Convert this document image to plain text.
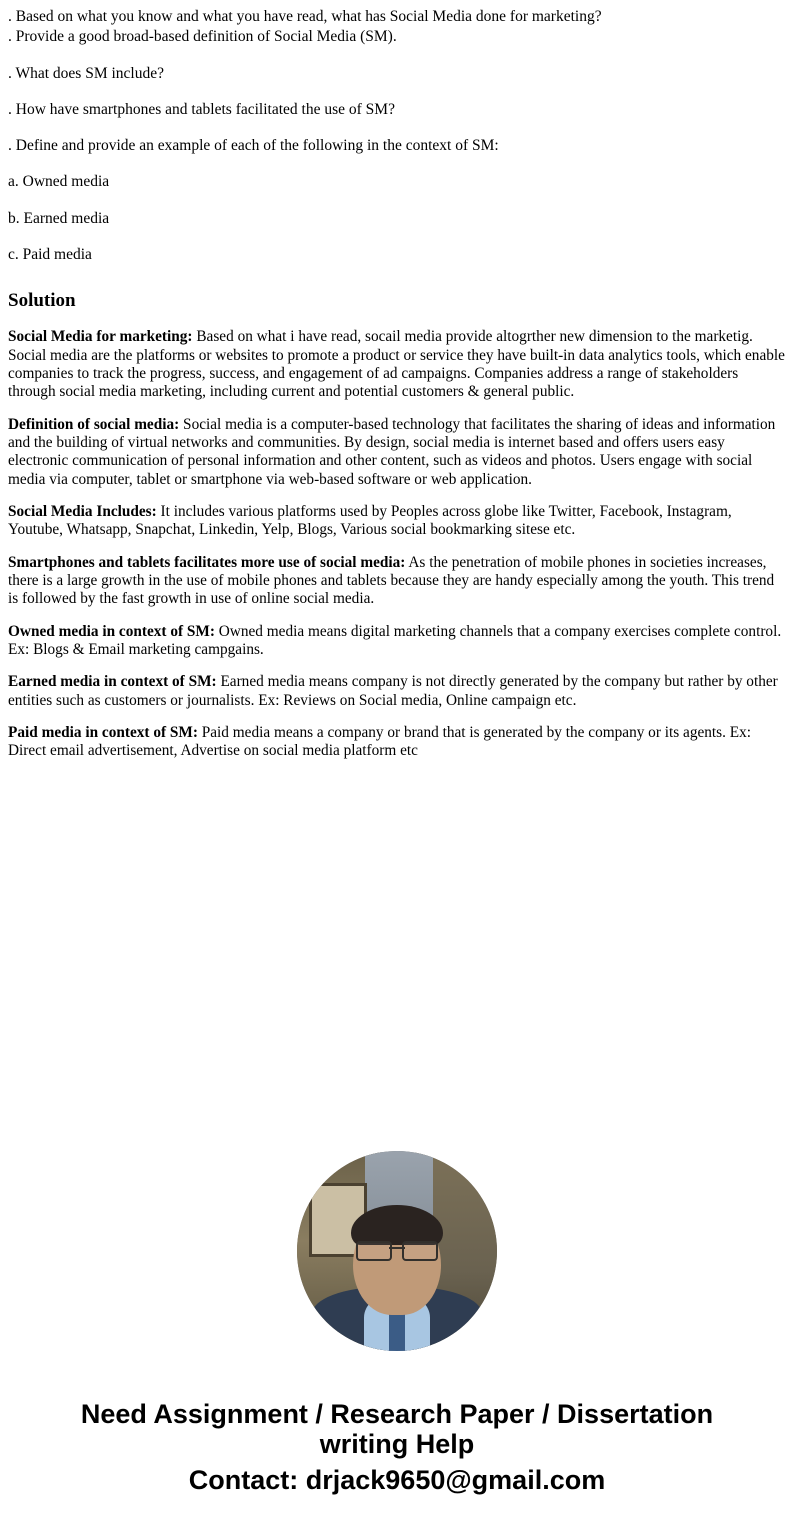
. Based on what you know and what you have read, what has Social Media done for marketing?

. Provide a good broad-based definition of Social Media (SM).

. What does SM include?

. How have smartphones and tablets facilitated the use of SM?

. Define and provide an example of each of the following in the context of SM:

a. Owned media

b. Earned media

c. Paid media

Solution

Social Media for marketing: Based on what i have read, socail media provide altogrther new dimension to the marketig. Social media are the platforms or websites to promote a product or service they have built-in data analytics tools, which enable companies to track the progress, success, and engagement of ad campaigns. Companies address a range of stakeholders through social media marketing, including current and potential customers & general public.

Definition of social media: Social media is a computer-based technology that facilitates the sharing of ideas and information and the building of virtual networks and communities. By design, social media is internet based and offers users easy electronic communication of personal information and other content, such as videos and photos. Users engage with social media via computer, tablet or smartphone via web-based software or web application.

Social Media Includes: It includes various platforms used by Peoples across globe like Twitter, Facebook, Instagram, Youtube, Whatsapp, Snapchat, Linkedin, Yelp, Blogs, Various social bookmarking sitese etc.

Smartphones and tablets facilitates more use of social media: As the penetration of mobile phones in societies increases, there is a large growth in the use of mobile phones and tablets because they are handy especially among the youth. This trend is followed by the fast growth in use of online social media.

Owned media in context of SM: Owned media means digital marketing channels that a company exercises complete control. Ex: Blogs & Email marketing campgains.

Earned media in context of SM: Earned media means company is not directly generated by the company but rather by other entities such as customers or journalists. Ex: Reviews on Social media, Online campaign etc.

Paid media in context of SM: Paid media means a company or brand that is generated by the company or its agents. Ex: Direct email advertisement, Advertise on social media platform etc

Need Assignment / Research Paper / Dissertation
writing Help
Contact: drjack9650@gmail.com
